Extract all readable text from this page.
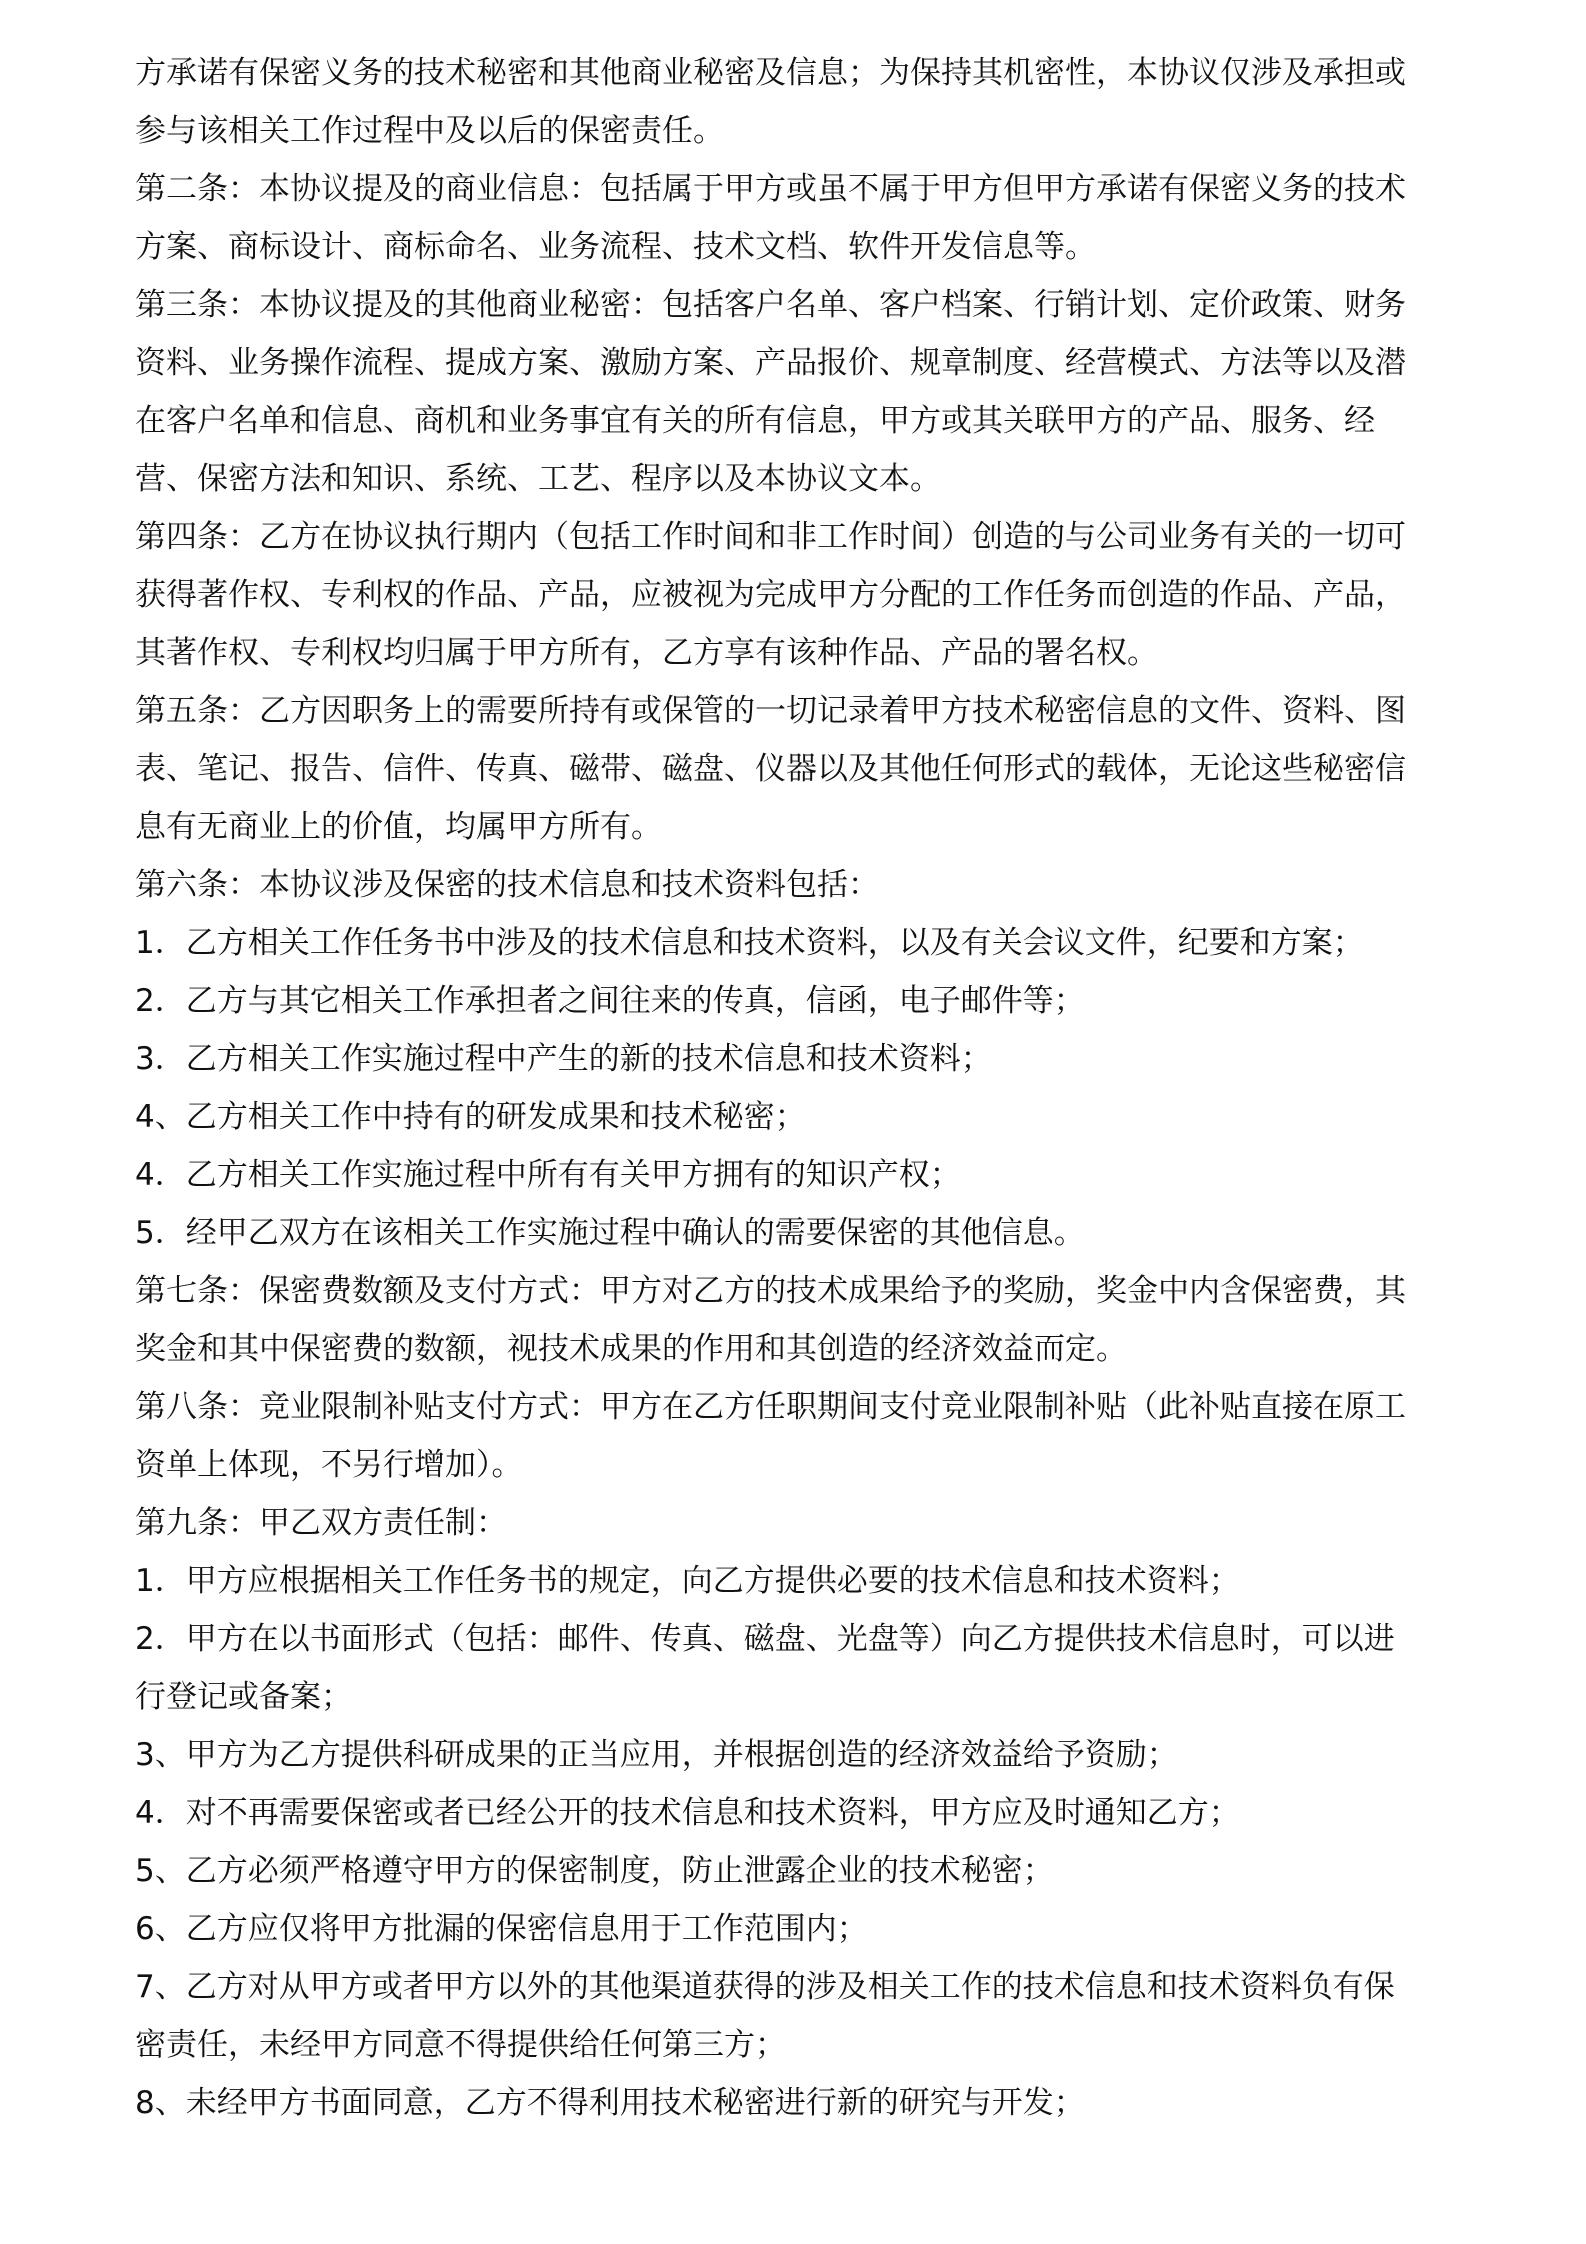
方承诺有保密义务的技术秘密和其他商业秘密及信息；为保持其机密性，本协议仅涉及承担或

参与该相关工作过程中及以后的保密责任。

第二条：本协议提及的商业信息：包括属于甲方或虽不属于甲方但甲方承诺有保密义务的技术

方案、商标设计、商标命名、业务流程、技术文档、软件开发信息等。

第三条：本协议提及的其他商业秘密：包括客户名单、客户档案、行销计划、定价政策、财务

资料、业务操作流程、提成方案、激励方案、产品报价、规章制度、经营模式、方法等以及潜

在客户名单和信息、商机和业务事宜有关的所有信息，甲方或其关联甲方的产品、服务、经

营、保密方法和知识、系统、工艺、程序以及本协议文本。

第四条：乙方在协议执行期内（包括工作时间和非工作时间）创造的与公司业务有关的一切可

获得著作权、专利权的作品、产品，应被视为完成甲方分配的工作任务而创造的作品、产品，

其著作权、专利权均归属于甲方所有，乙方享有该种作品、产品的署名权。

第五条：乙方因职务上的需要所持有或保管的一切记录着甲方技术秘密信息的文件、资料、图

表、笔记、报告、信件、传真、磁带、磁盘、仪器以及其他任何形式的载体，无论这些秘密信

息有无商业上的价值，均属甲方所有。

第六条：本协议涉及保密的技术信息和技术资料包括：

1．乙方相关工作任务书中涉及的技术信息和技术资料，以及有关会议文件，纪要和方案；

2．乙方与其它相关工作承担者之间往来的传真，信函，电子邮件等；

3．乙方相关工作实施过程中产生的新的技术信息和技术资料；

4、乙方相关工作中持有的研发成果和技术秘密；

4．乙方相关工作实施过程中所有有关甲方拥有的知识产权；

5．经甲乙双方在该相关工作实施过程中确认的需要保密的其他信息。

第七条：保密费数额及支付方式：甲方对乙方的技术成果给予的奖励，奖金中内含保密费，其

奖金和其中保密费的数额，视技术成果的作用和其创造的经济效益而定。

第八条：竞业限制补贴支付方式：甲方在乙方任职期间支付竞业限制补贴（此补贴直接在原工

资单上体现，不另行增加）。

第九条：甲乙双方责任制：

1．甲方应根据相关工作任务书的规定，向乙方提供必要的技术信息和技术资料；

2．甲方在以书面形式（包括：邮件、传真、磁盘、光盘等）向乙方提供技术信息时，可以进

行登记或备案；

3、甲方为乙方提供科研成果的正当应用，并根据创造的经济效益给予资励；

4．对不再需要保密或者已经公开的技术信息和技术资料，甲方应及时通知乙方；

5、乙方必须严格遵守甲方的保密制度，防止泄露企业的技术秘密；

6、乙方应仅将甲方批漏的保密信息用于工作范围内；

7、乙方对从甲方或者甲方以外的其他渠道获得的涉及相关工作的技术信息和技术资料负有保

密责任，未经甲方同意不得提供给任何第三方；

8、未经甲方书面同意，乙方不得利用技术秘密进行新的研究与开发；
